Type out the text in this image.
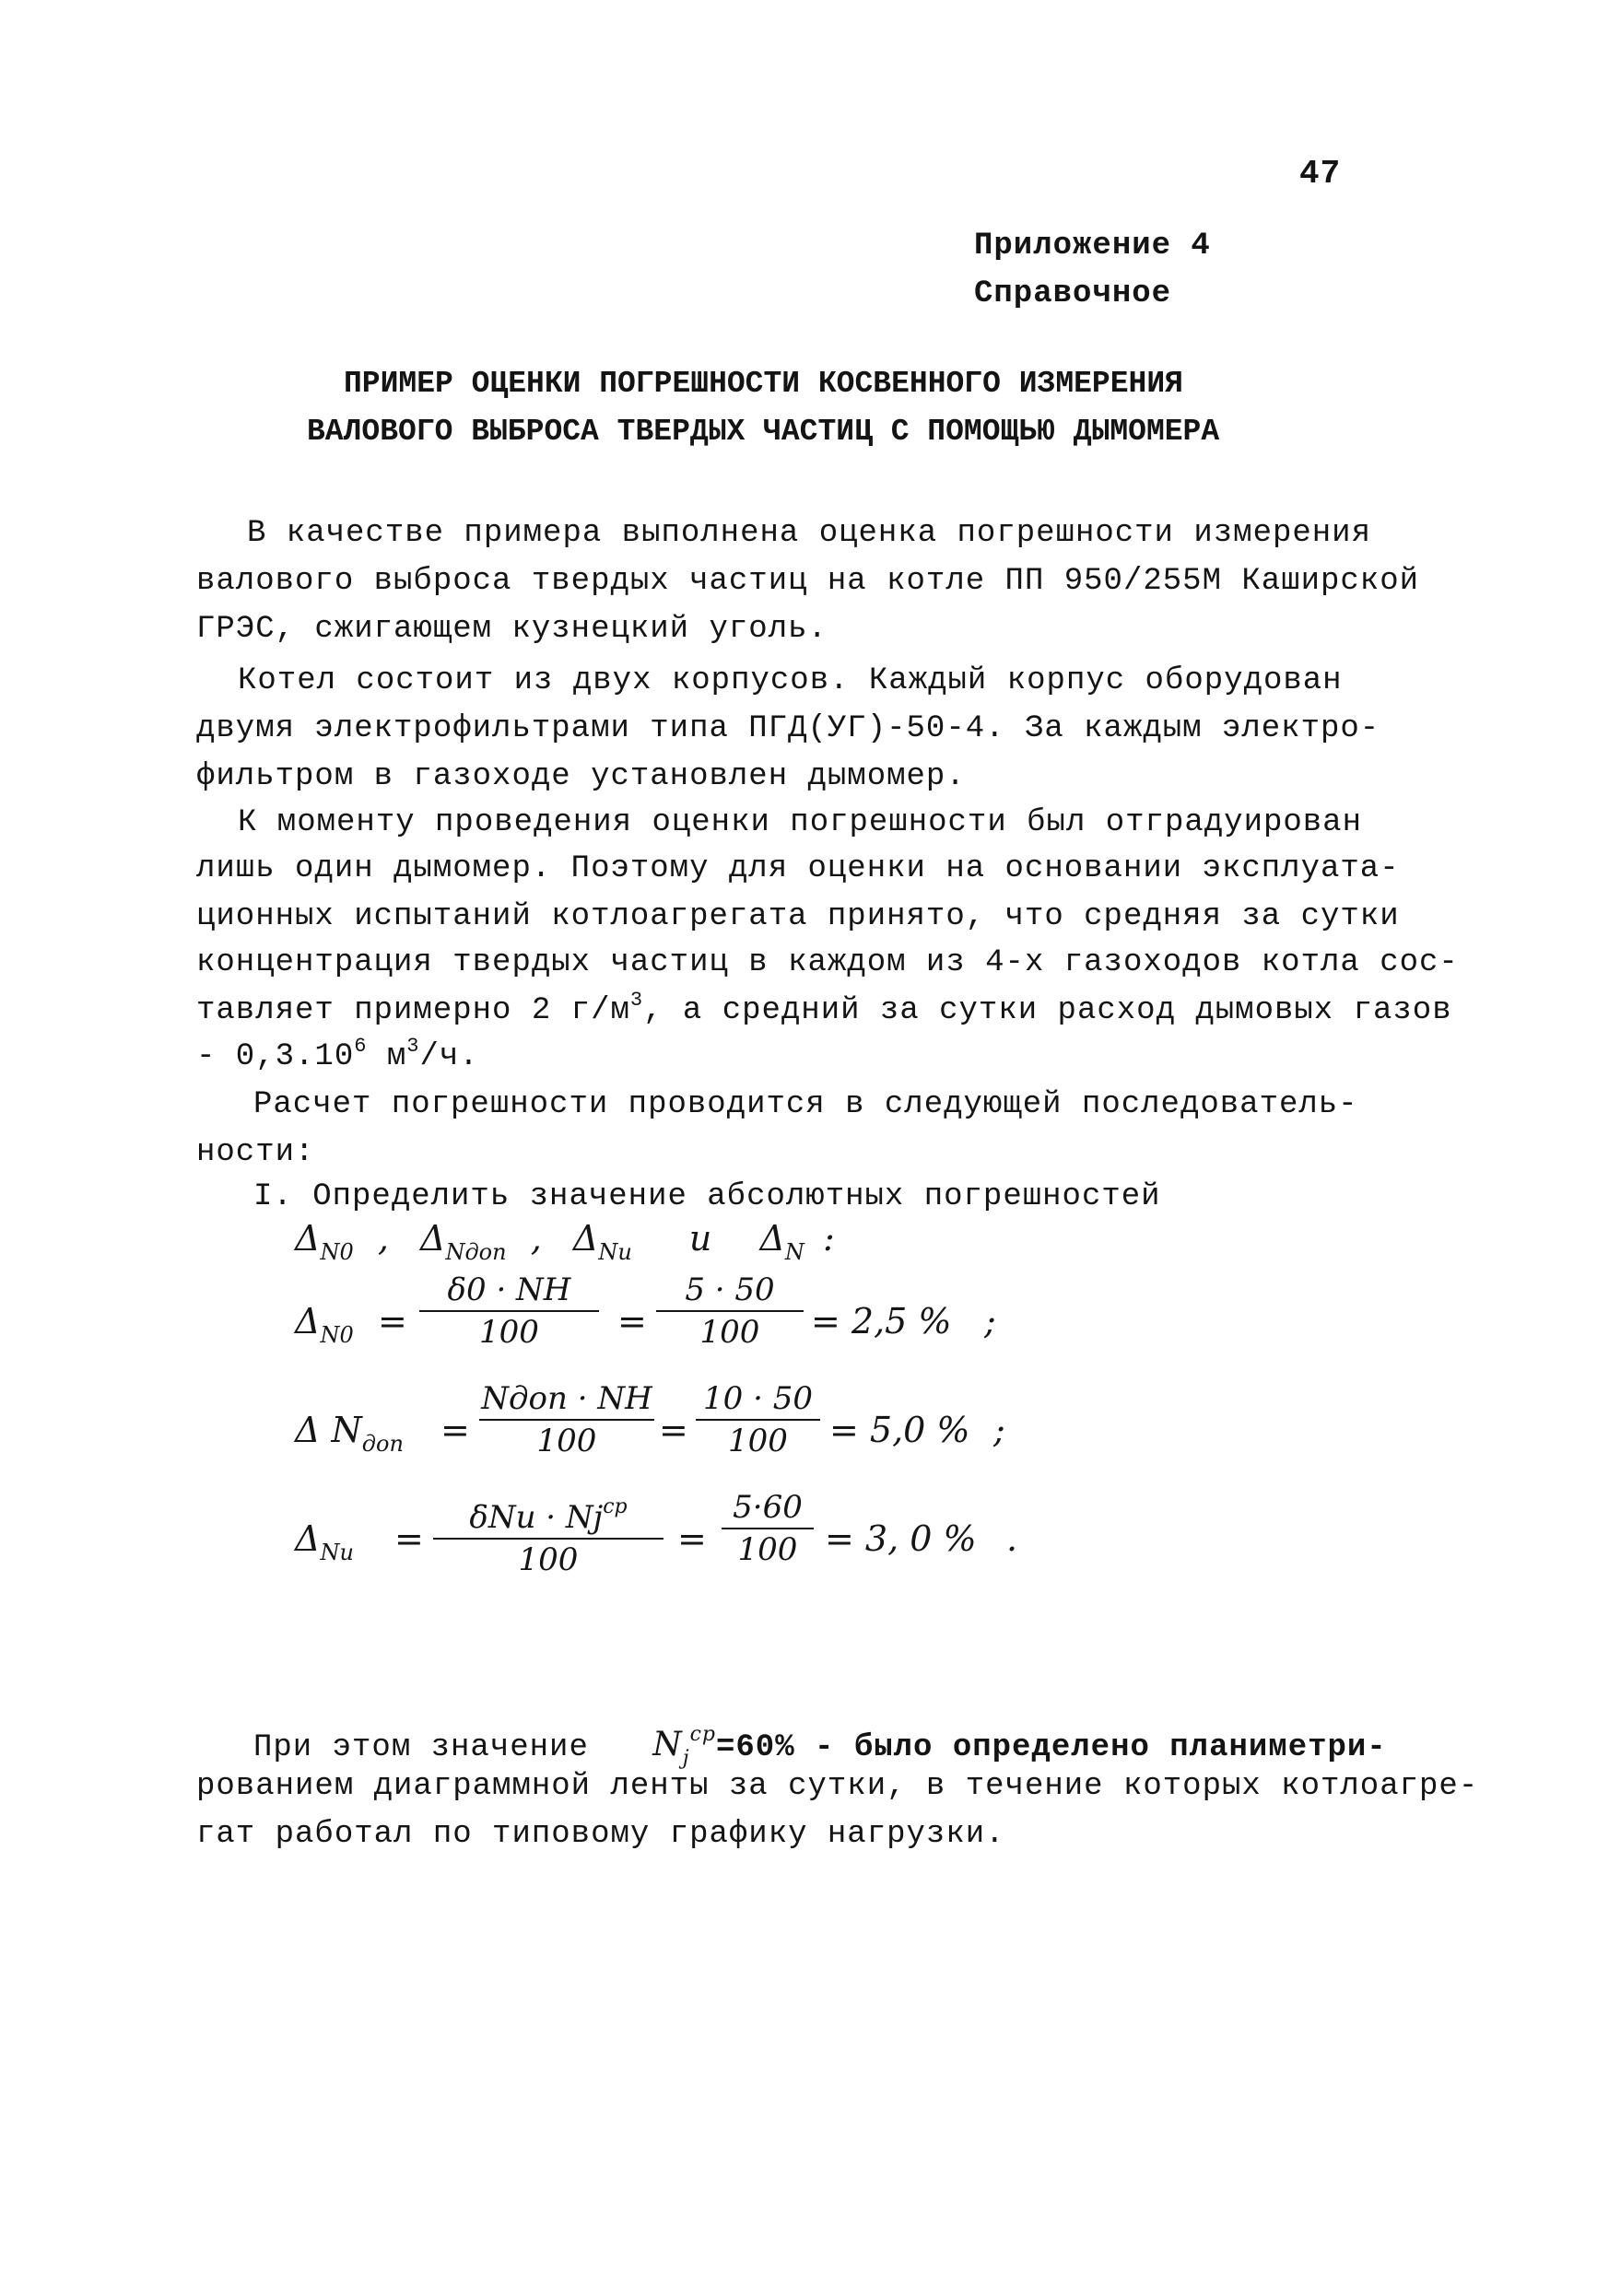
47
Приложение 4
Справочное
ПРИМЕР ОЦЕНКИ ПОГРЕШНОСТИ КОСВЕННОГО ИЗМЕРЕНИЯ
ВАЛОВОГО ВЫБРОСА ТВЕРДЫХ ЧАСТИЦ С ПОМОЩЬЮ ДЫМОМЕРА
В качестве примера выполнена оценка погрешности измерения
валового выброса твердых частиц на котле ПП 950/255М Каширской
ГРЭС, сжигающем кузнецкий уголь.
Котел состоит из двух корпусов. Каждый корпус оборудован
двумя электрофильтрами типа ПГД(УГ)-50-4. За каждым электро-
фильтром в газоходе установлен дымомер.
К моменту проведения оценки погрешности был отградуирован
лишь один дымомер. Поэтому для оценки на основании эксплуата-
ционных испытаний котлоагрегата принято, что средняя за сутки
концентрация твердых частиц в каждом из 4-х газоходов котла сос-
тавляет примерно 2 $г/м^3$, а средний за сутки расход дымовых газов
- 0,3.10$^6$ $м^3/ч$.
Расчет погрешности проводится в следующей последователь-
ности:
I. Определить значение абсолютных погрешностей
$\Delta_{N0}$ , $\Delta_{Nдоп}$ , $\Delta_{Nu}$ и $\Delta_N$ :
$\Delta_{N0}$ =
δ0 · NH
100	=
5 · 50
100	= 2,5 % ;
Δ $N_{доп}$ =
Nдоп · NH
100	=
10 · 50
100	= 5,0 % ;
$\Delta_{Nu}$ =
$\delta Nu \cdot Nj^{ср}$
100
=
5·60
100 = 3, 0 % .
При этом значение $N_j^{ср}=60\%$ - было определено планиметри-
рованием диаграммной ленты за сутки, в течение которых котлоагре-
гат работал по типовому графику нагрузки.
